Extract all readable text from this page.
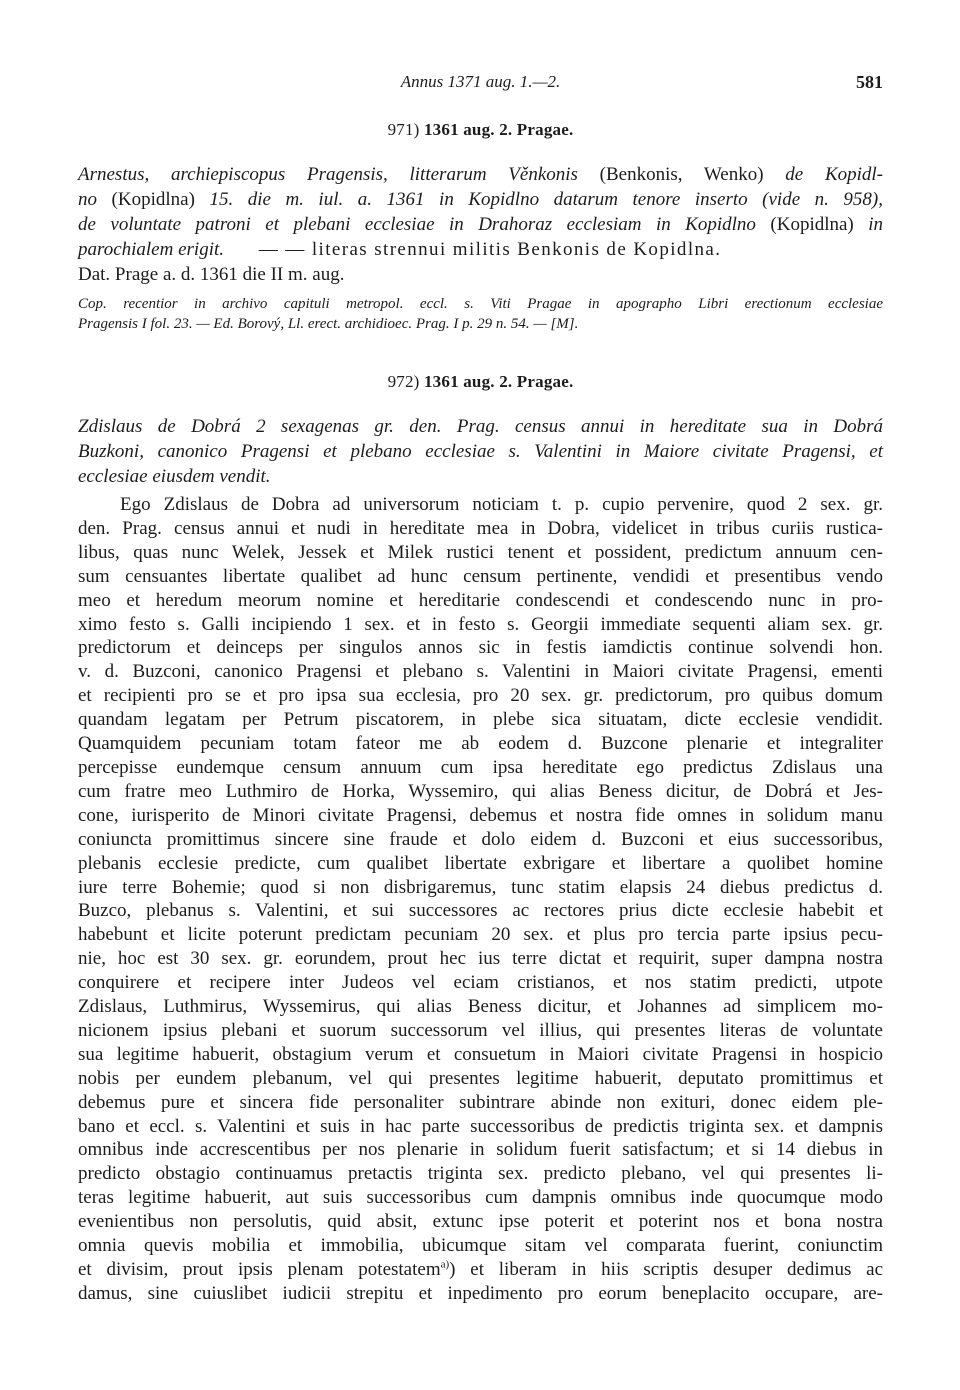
Annus 1371 aug. 1.—2.	581
971) 1361 aug. 2. Pragae.

Arnestus, archiepiscopus Pragensis, litterarum Věnkonis (Benkonis, Wenko) de Kopidl-

no (Kopidlna) 15. die m. iul. a. 1361 in Kopidlno datarum tenore inserto (vide n. 958),

de voluntate patroni et plebani ecclesiae in Drahoraz ecclesiam in Kopidlno (Kopidlna) in

parochialem erigit. — — literas strennui militis Benkonis de Kopidlna.

Dat. Prage a. d. 1361 die II m. aug.

Cop. recentior in archivo capituli metropol. eccl. s. Viti Pragae in apographo Libri erectionum ecclesiae

Pragensis I fol. 23. — Ed. Borový, Ll. erect. archidioec. Prag. I p. 29 n. 54. — [M].

972) 1361 aug. 2. Pragae.

Zdislaus de Dobrá 2 sexagenas gr. den. Prag. census annui in hereditate sua in Dobrá

Buzkoni, canonico Pragensi et plebano ecclesiae s. Valentini in Maiore civitate Pragensi, et

ecclesiae eiusdem vendit.

Ego Zdislaus de Dobra ad universorum noticiam t. p. cupio pervenire, quod 2 sex. gr.
den. Prag. census annui et nudi in hereditate mea in Dobra, videlicet in tribus curiis rustica-
libus, quas nunc Welek, Jessek et Milek rustici tenent et possident, predictum annuum cen-
sum censuantes libertate qualibet ad hunc censum pertinente, vendidi et presentibus vendo
meo et heredum meorum nomine et hereditarie condescendi et condescendo nunc in pro-
ximo festo s. Galli incipiendo 1 sex. et in festo s. Georgii immediate sequenti aliam sex. gr.
predictorum et deinceps per singulos annos sic in festis iamdictis continue solvendi hon.
v. d. Buzconi, canonico Pragensi et plebano s. Valentini in Maiori civitate Pragensi, ementi
et recipienti pro se et pro ipsa sua ecclesia, pro 20 sex. gr. predictorum, pro quibus domum
quandam legatam per Petrum piscatorem, in plebe sica situatam, dicte ecclesie vendidit.
Quamquidem pecuniam totam fateor me ab eodem d. Buzcone plenarie et integraliter
percepisse eundemque censum annuum cum ipsa hereditate ego predictus Zdislaus una
cum fratre meo Luthmiro de Horka, Wyssemiro, qui alias Beness dicitur, de Dobrá et Jes-
cone, iurisperito de Minori civitate Pragensi, debemus et nostra fide omnes in solidum manu
coniuncta promittimus sincere sine fraude et dolo eidem d. Buzconi et eius successoribus,
plebanis ecclesie predicte, cum qualibet libertate exbrigare et libertare a quolibet homine
iure terre Bohemie; quod si non disbrigaremus, tunc statim elapsis 24 diebus predictus d.
Buzco, plebanus s. Valentini, et sui successores ac rectores prius dicte ecclesie habebit et
habebunt et licite poterunt predictam pecuniam 20 sex. et plus pro tercia parte ipsius pecu-
nie, hoc est 30 sex. gr. eorundem, prout hec ius terre dictat et requirit, super dampna nostra
conquirere et recipere inter Judeos vel eciam cristianos, et nos statim predicti, utpote
Zdislaus, Luthmirus, Wyssemirus, qui alias Beness dicitur, et Johannes ad simplicem mo-
nicionem ipsius plebani et suorum successorum vel illius, qui presentes literas de voluntate
sua legitime habuerit, obstagium verum et consuetum in Maiori civitate Pragensi in hospicio
nobis per eundem plebanum, vel qui presentes legitime habuerit, deputato promittimus et
debemus pure et sincera fide personaliter subintrare abinde non exituri, donec eidem ple-
bano et eccl. s. Valentini et suis in hac parte successoribus de predictis triginta sex. et dampnis
omnibus inde accrescentibus per nos plenarie in solidum fuerit satisfactum; et si 14 diebus in
predicto obstagio continuamus pretactis triginta sex. predicto plebano, vel qui presentes li-
teras legitime habuerit, aut suis successoribus cum dampnis omnibus inde quocumque modo
evenientibus non persolutis, quid absit, extunc ipse poterit et poterint nos et bona nostra
omnia quevis mobilia et immobilia, ubicumque sitam vel comparata fuerint, coniunctim
et divisim, prout ipsis plenam potestatem$^{a)}$) et liberam in hiis scriptis desuper dedimus ac
damus, sine cuiuslibet iudicii strepitu et inpedimento pro eorum beneplacito occupare, are-
